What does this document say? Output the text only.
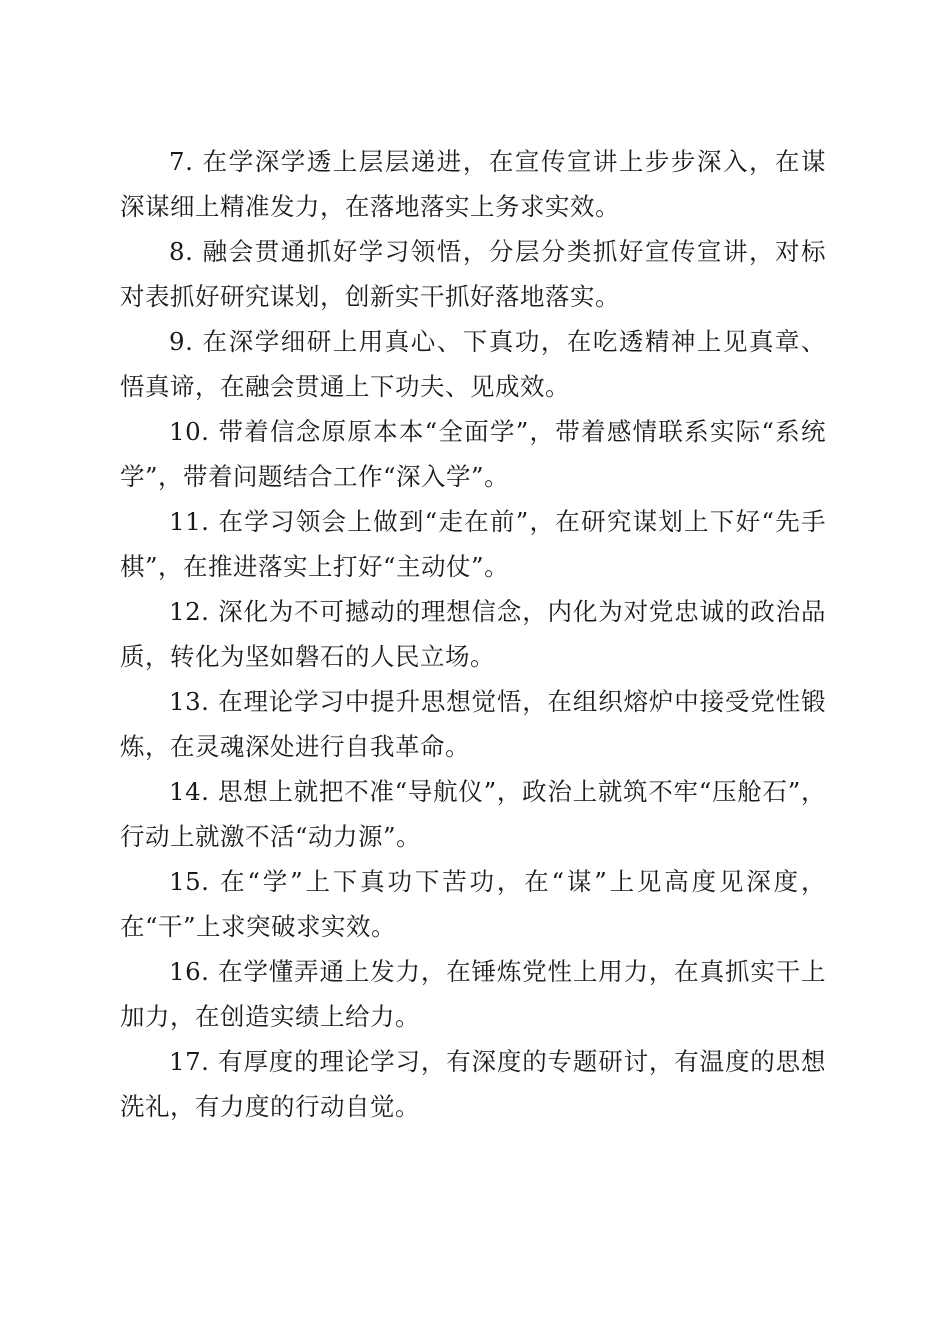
7. 在学深学透上层层递进，在宣传宣讲上步步深入，在谋深谋细上精准发力，在落地落实上务求实效。

8. 融会贯通抓好学习领悟，分层分类抓好宣传宣讲，对标对表抓好研究谋划，创新实干抓好落地落实。

9. 在深学细研上用真心、下真功，在吃透精神上见真章、悟真谛，在融会贯通上下功夫、见成效。

10. 带着信念原原本本“全面学”，带着感情联系实际“系统学”，带着问题结合工作“深入学”。

11. 在学习领会上做到“走在前”，在研究谋划上下好“先手棋”，在推进落实上打好“主动仗”。

12. 深化为不可撼动的理想信念，内化为对党忠诚的政治品质，转化为坚如磐石的人民立场。

13. 在理论学习中提升思想觉悟，在组织熔炉中接受党性锻炼，在灵魂深处进行自我革命。

14. 思想上就把不准“导航仪”，政治上就筑不牢“压舱石”，行动上就激不活“动力源”。

15. 在“学”上下真功下苦功，在“谋”上见高度见深度，在“干”上求突破求实效。

16. 在学懂弄通上发力，在锤炼党性上用力，在真抓实干上加力，在创造实绩上给力。

17. 有厚度的理论学习，有深度的专题研讨，有温度的思想洗礼，有力度的行动自觉。
